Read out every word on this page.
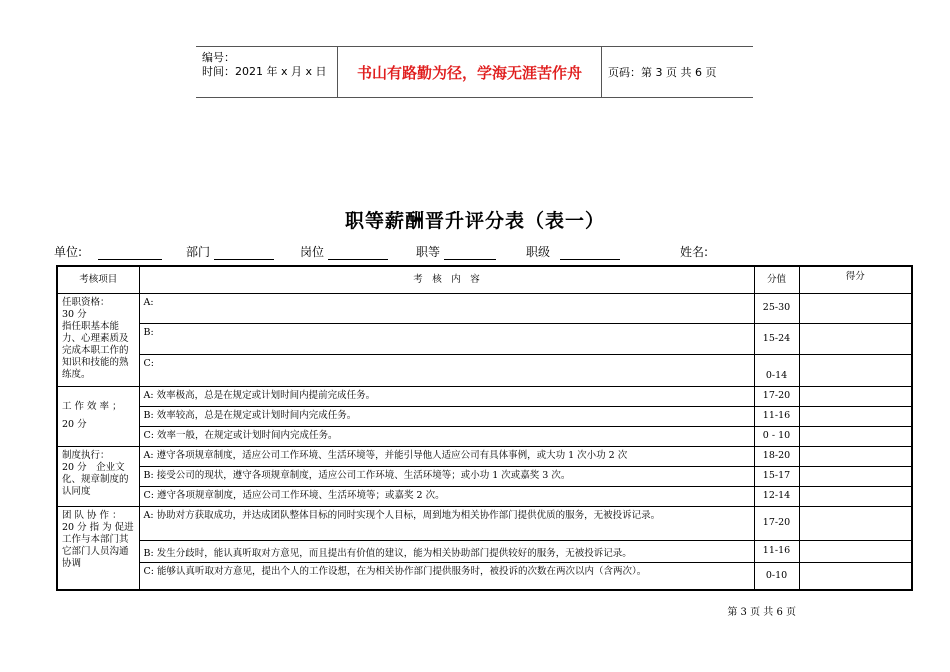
编号：
时间：2021 年 x 月 x 日	书山有路勤为径，学海无涯苦作舟	页码：第 3 页 共 6 页
职等薪酬晋升评分表（表一）
单位:	部门	岗位	职等	职级	姓名:
考核项目	考　核　内　容	分值	得分
任职资格：
30 分
指任职基本能力、心理素质及完成本职工作的知识和技能的熟练度。	A:	25-30	
	B:	15-24	
	C:	0-14	
工 作 效 率 ；
20 分	A: 效率极高，总是在规定或计划时间内提前完成任务。	17-20	
	B: 效率较高，总是在规定或计划时间内完成任务。	11-16	
	C: 效率一般，在规定或计划时间内完成任务。	0 - 10	
制度执行：
20 分　企业文化、规章制度的认同度	A: 遵守各项规章制度，适应公司工作环境、生活环境等，并能引导他人适应公司有具体事例，或大功 1 次小功 2 次	18-20	
	B: 接受公司的现状，遵守各项规章制度，适应公司工作环境、生活环境等；或小功 1 次或嘉奖 3 次。	15-17	
	C: 遵守各项规章制度，适应公司工作环境、生活环境等；或嘉奖 2 次。	12-14	
团 队 协 作 ：
20 分 指 为 促进工作与本部门其它部门人员沟通协调	A: 协助对方获取成功，并达成团队整体目标的同时实现个人目标，周到地为相关协作部门提供优质的服务，无被投诉记录。	17-20	
	B: 发生分歧时，能认真听取对方意见，而且提出有价值的建议，能为相关协助部门提供较好的服务，无被投诉记录。	11-16	
	C: 能够认真听取对方意见，提出个人的工作设想，在为相关协作部门提供服务时，被投诉的次数在两次以内（含两次）。	0-10	
第 3 页 共 6 页
